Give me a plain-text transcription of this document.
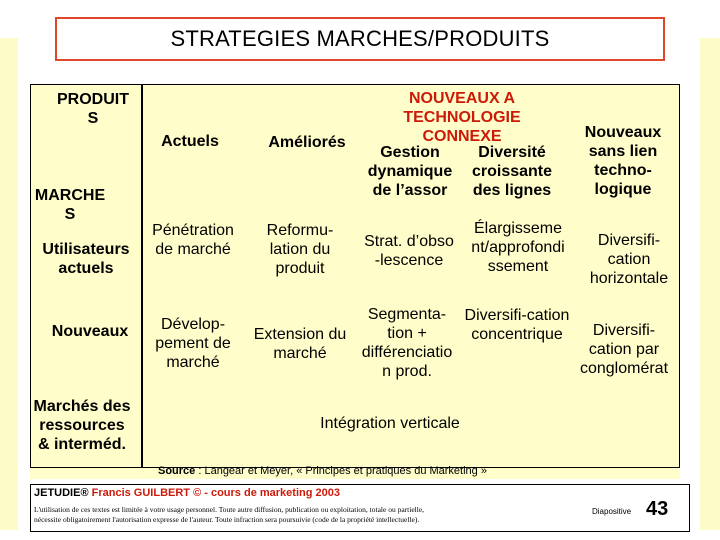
STRATEGIES MARCHES/PRODUITS
PRODUIT
S
MARCHE
S
Actuels	Améliorés
NOUVEAUX A
TECHNOLOGIE
CONNEXE
Gestion
dynamique
de l’assor
Diversité
croissante
des lignes
Nouveaux
sans lien
techno-
logique
Utilisateurs
actuels
Nouveaux
Marchés des
ressources
& interméd.
Pénétration
de marché
Reformu-
lation du
produit
Strat. d’obso
-lescence
Élargisseme
nt/approfondi
ssement
Diversifi-
cation
horizontale
Dévelop-
pement de
marché
Extension du
marché
Segmenta-
tion +
différenciatio
n prod.
Diversifi-cation
concentrique	Diversifi-
cation par
conglomérat
Intégration verticale
Source : Langear et Meyer, « Principes et pratiques du Marketing »
JETUDIE® Francis GUILBERT © - cours de marketing 2003
L'utilisation de ces textes est limitée à votre usage personnel. Toute autre diffusion, publication ou exploitation, totale ou partielle,
nécessite obligatoirement l'autorisation expresse de l'auteur. Toute infraction sera poursuivie (code de la propriété intellectuelle).
Diapositive 43
